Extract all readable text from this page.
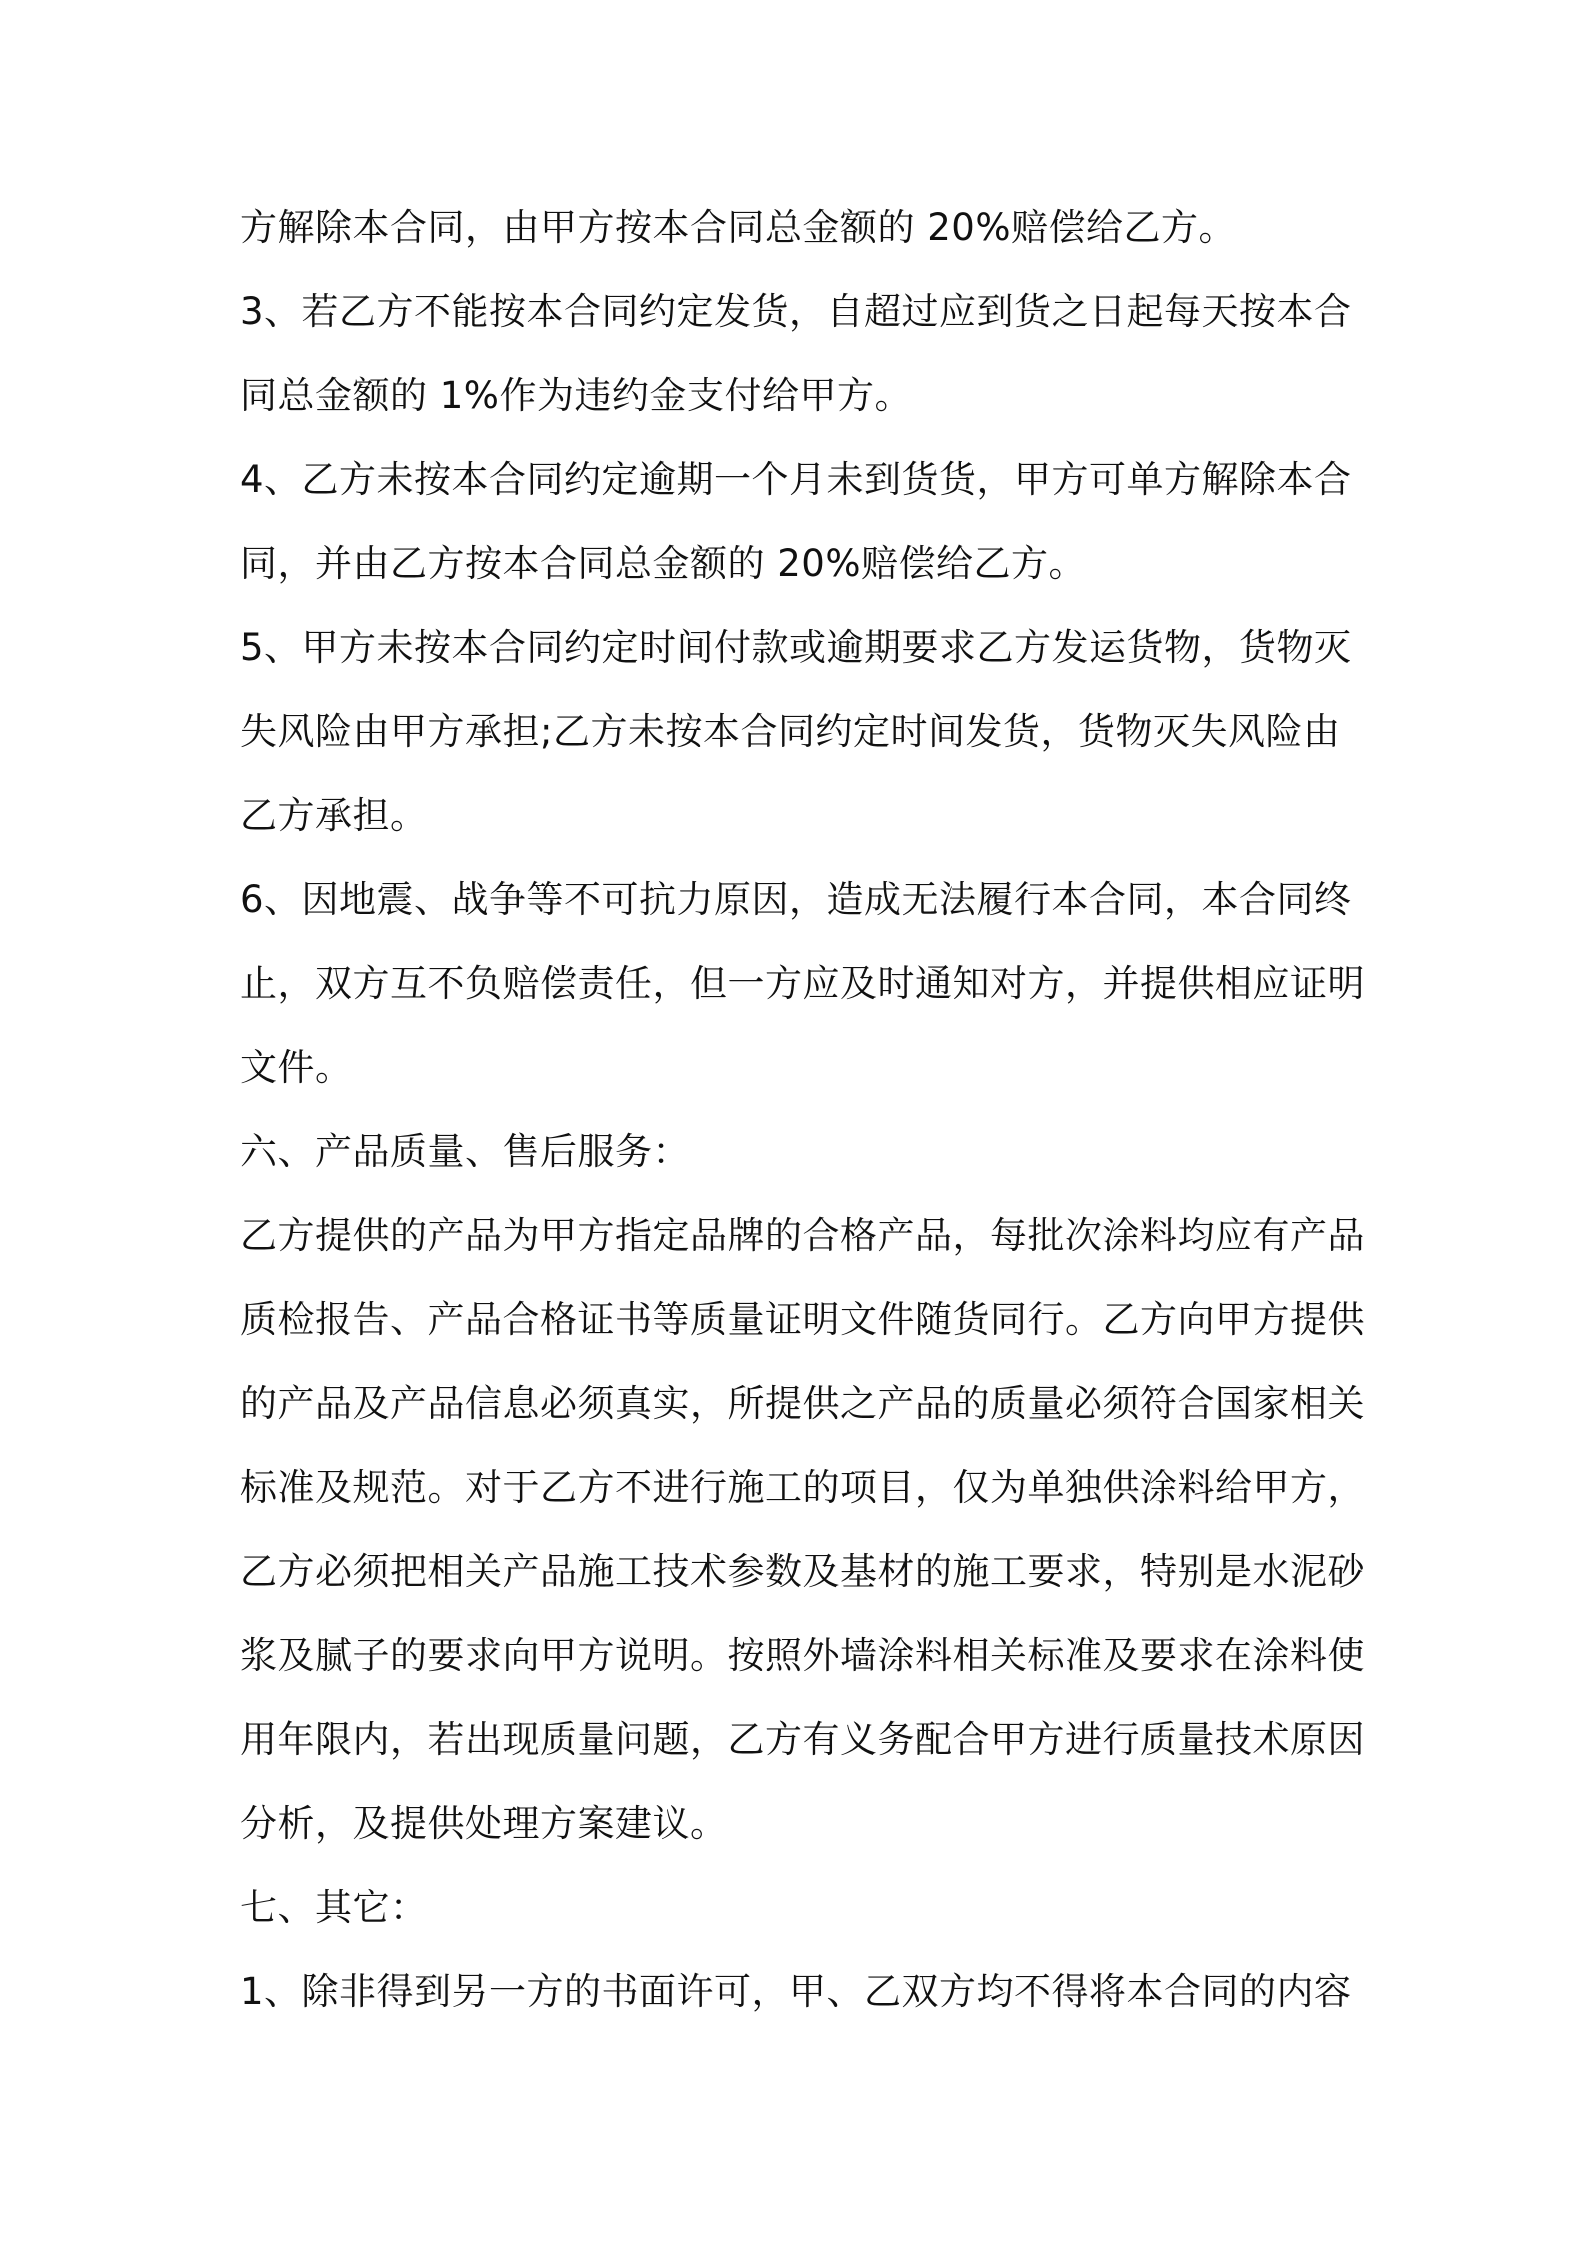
方解除本合同，由甲方按本合同总金额的 20%赔偿给乙方。
3、若乙方不能按本合同约定发货，自超过应到货之日起每天按本合
同总金额的 1%作为违约金支付给甲方。
4、乙方未按本合同约定逾期一个月未到货货，甲方可单方解除本合
同，并由乙方按本合同总金额的 20%赔偿给乙方。
5、甲方未按本合同约定时间付款或逾期要求乙方发运货物，货物灭
失风险由甲方承担;乙方未按本合同约定时间发货，货物灭失风险由
乙方承担。
6、因地震、战争等不可抗力原因，造成无法履行本合同，本合同终
止，双方互不负赔偿责任，但一方应及时通知对方，并提供相应证明
文件。
六、产品质量、售后服务：
乙方提供的产品为甲方指定品牌的合格产品，每批次涂料均应有产品
质检报告、产品合格证书等质量证明文件随货同行。乙方向甲方提供
的产品及产品信息必须真实，所提供之产品的质量必须符合国家相关
标准及规范。对于乙方不进行施工的项目，仅为单独供涂料给甲方，
乙方必须把相关产品施工技术参数及基材的施工要求，特别是水泥砂
浆及腻子的要求向甲方说明。按照外墙涂料相关标准及要求在涂料使
用年限内，若出现质量问题，乙方有义务配合甲方进行质量技术原因
分析，及提供处理方案建议。
七、其它：
1、除非得到另一方的书面许可，甲、乙双方均不得将本合同的内容
